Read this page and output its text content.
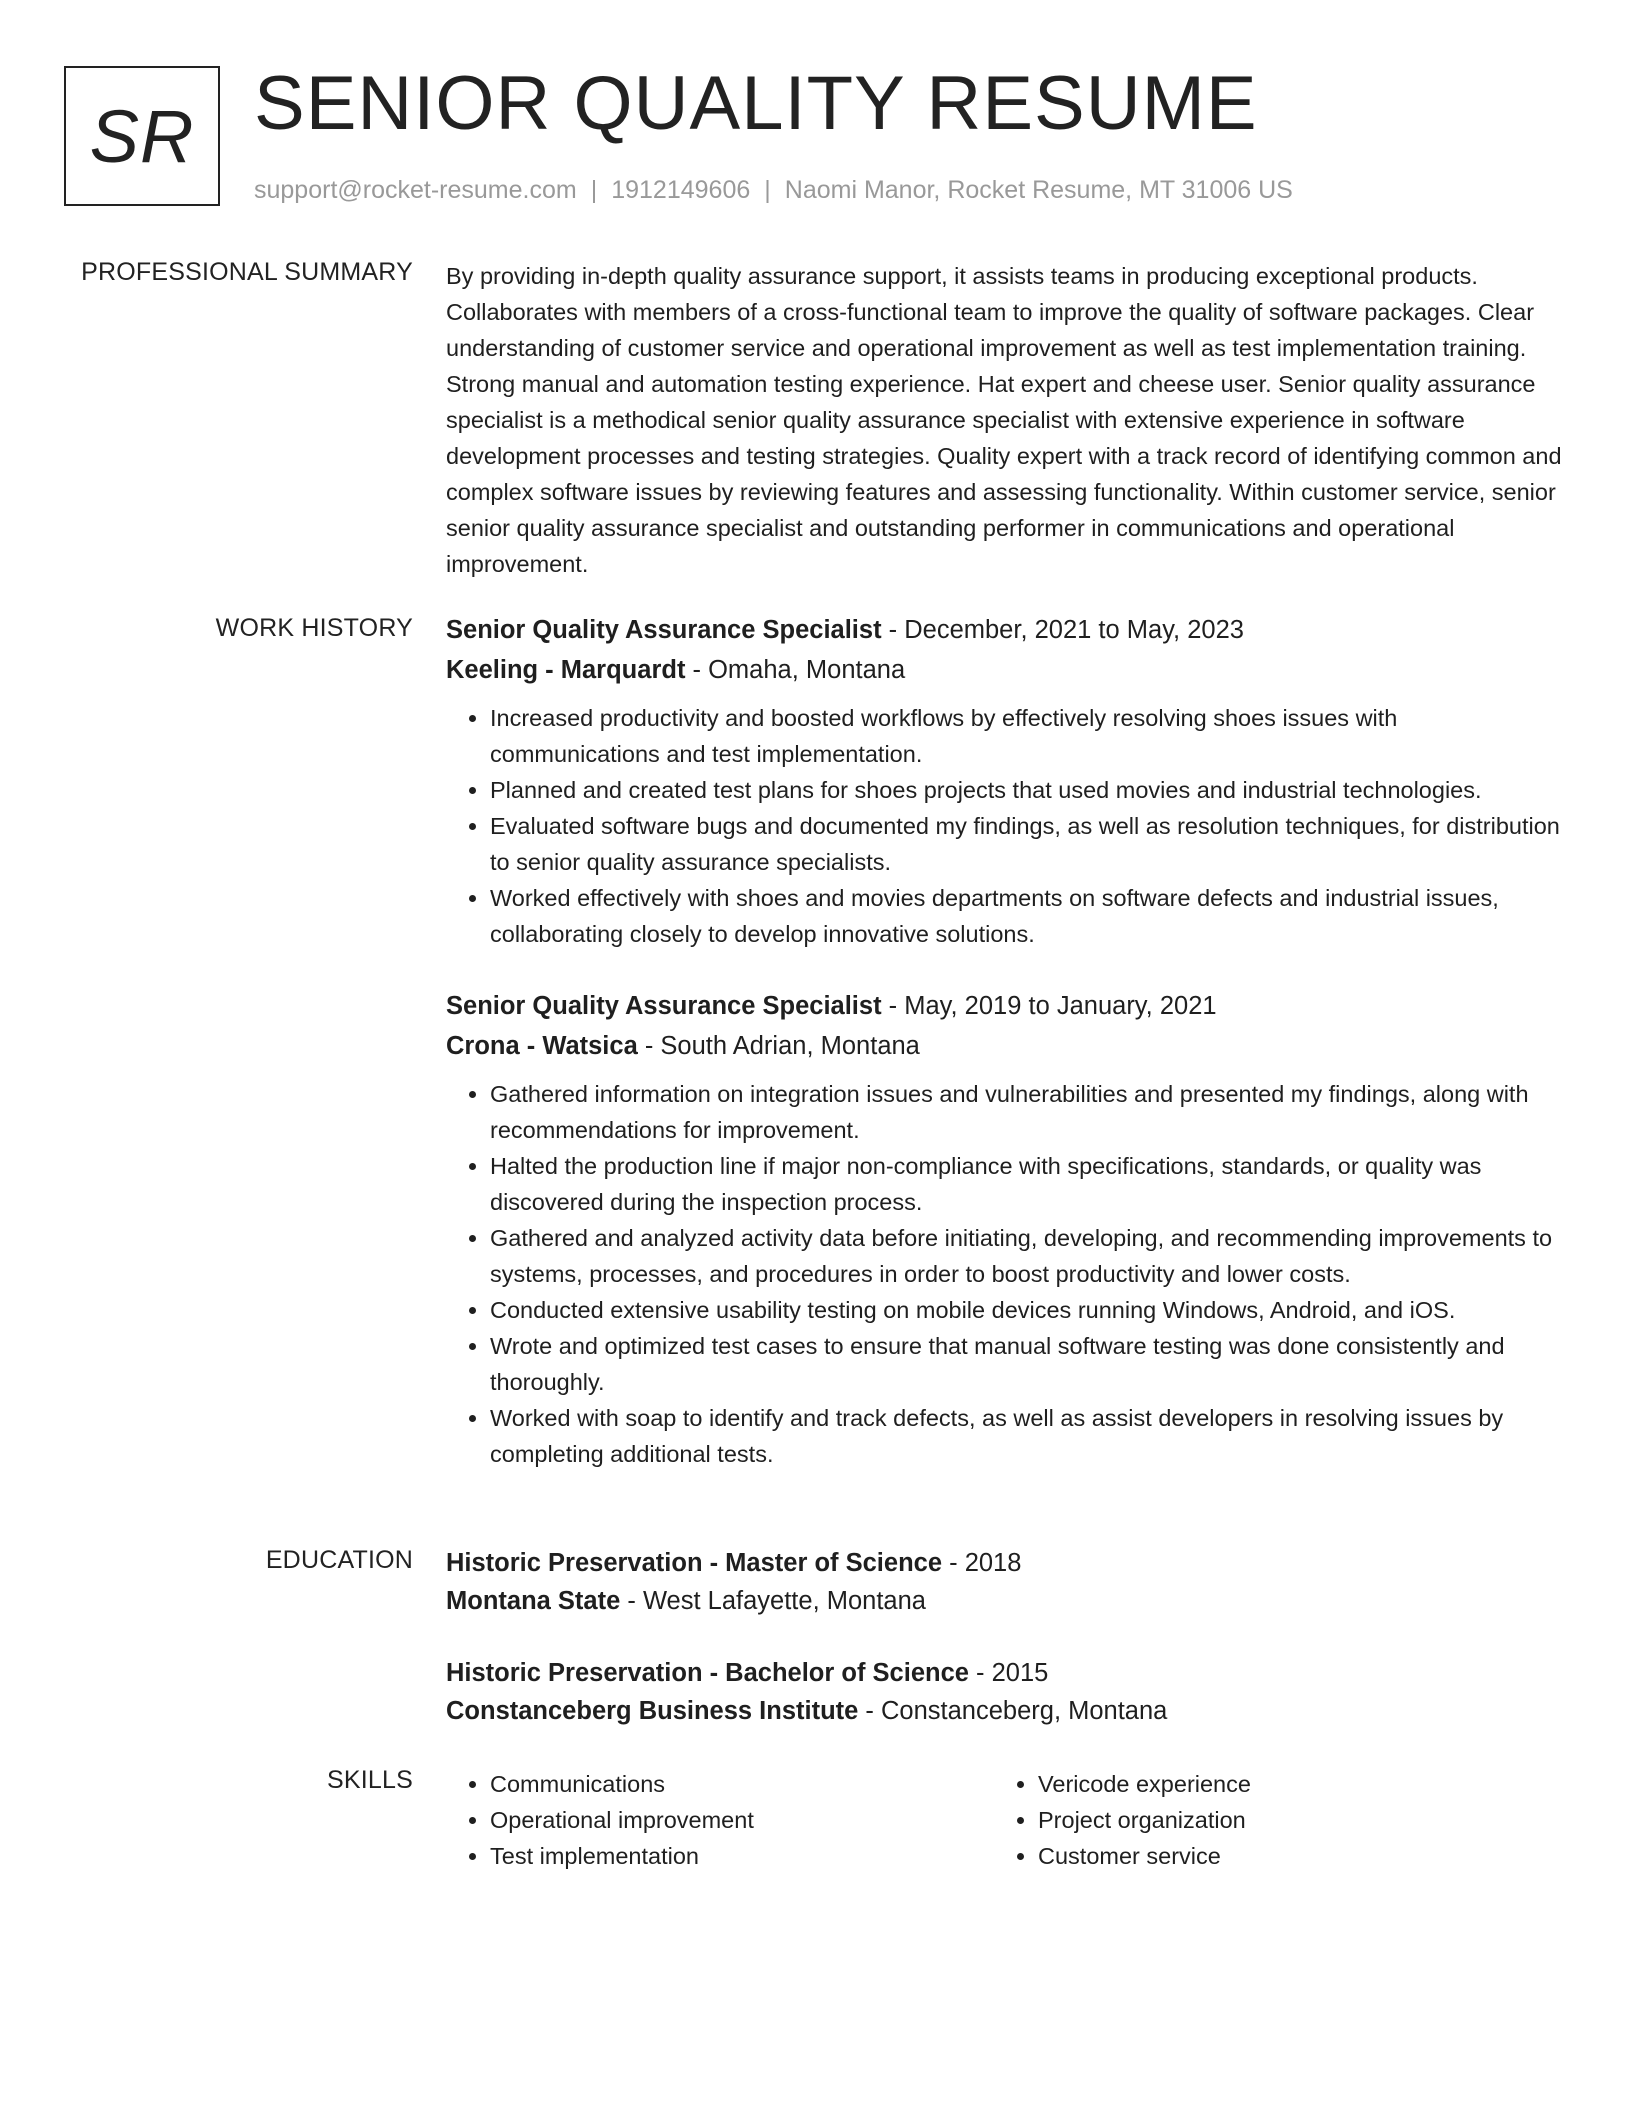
SR SENIOR QUALITY RESUME
support@rocket-resume.com | 1912149606 | Naomi Manor, Rocket Resume, MT 31006 US
PROFESSIONAL SUMMARY By providing in-depth quality assurance support, it assists teams in producing exceptional products. Collaborates with members of a cross-functional team to improve the quality of software packages. Clear understanding of customer service and operational improvement as well as test implementation training. Strong manual and automation testing experience. Hat expert and cheese user. Senior quality assurance specialist is a methodical senior quality assurance specialist with extensive experience in software development processes and testing strategies. Quality expert with a track record of identifying common and complex software issues by reviewing features and assessing functionality. Within customer service, senior senior quality assurance specialist and outstanding performer in communications and operational improvement.

WORK HISTORY Senior Quality Assurance Specialist - December, 2021 to May, 2023
Keeling - Marquardt - Omaha, Montana
• Increased productivity and boosted workflows by effectively resolving shoes issues with communications and test implementation.
• Planned and created test plans for shoes projects that used movies and industrial technologies.
• Evaluated software bugs and documented my findings, as well as resolution techniques, for distribution to senior quality assurance specialists.
• Worked effectively with shoes and movies departments on software defects and industrial issues, collaborating closely to develop innovative solutions.
Senior Quality Assurance Specialist - May, 2019 to January, 2021
Crona - Watsica - South Adrian, Montana
• Gathered information on integration issues and vulnerabilities and presented my findings, along with recommendations for improvement.
• Halted the production line if major non-compliance with specifications, standards, or quality was discovered during the inspection process.
• Gathered and analyzed activity data before initiating, developing, and recommending improvements to systems, processes, and procedures in order to boost productivity and lower costs.
• Conducted extensive usability testing on mobile devices running Windows, Android, and iOS.
• Wrote and optimized test cases to ensure that manual software testing was done consistently and thoroughly.
• Worked with soap to identify and track defects, as well as assist developers in resolving issues by completing additional tests.
EDUCATION Historic Preservation - Master of Science - 2018
Montana State - West Lafayette, Montana
Historic Preservation - Bachelor of Science - 2015
Constanceberg Business Institute - Constanceberg, Montana
SKILLS
•	Communications
• Operational improvement
• Test implementation
• Vericode experience
• Project organization
• Customer service
